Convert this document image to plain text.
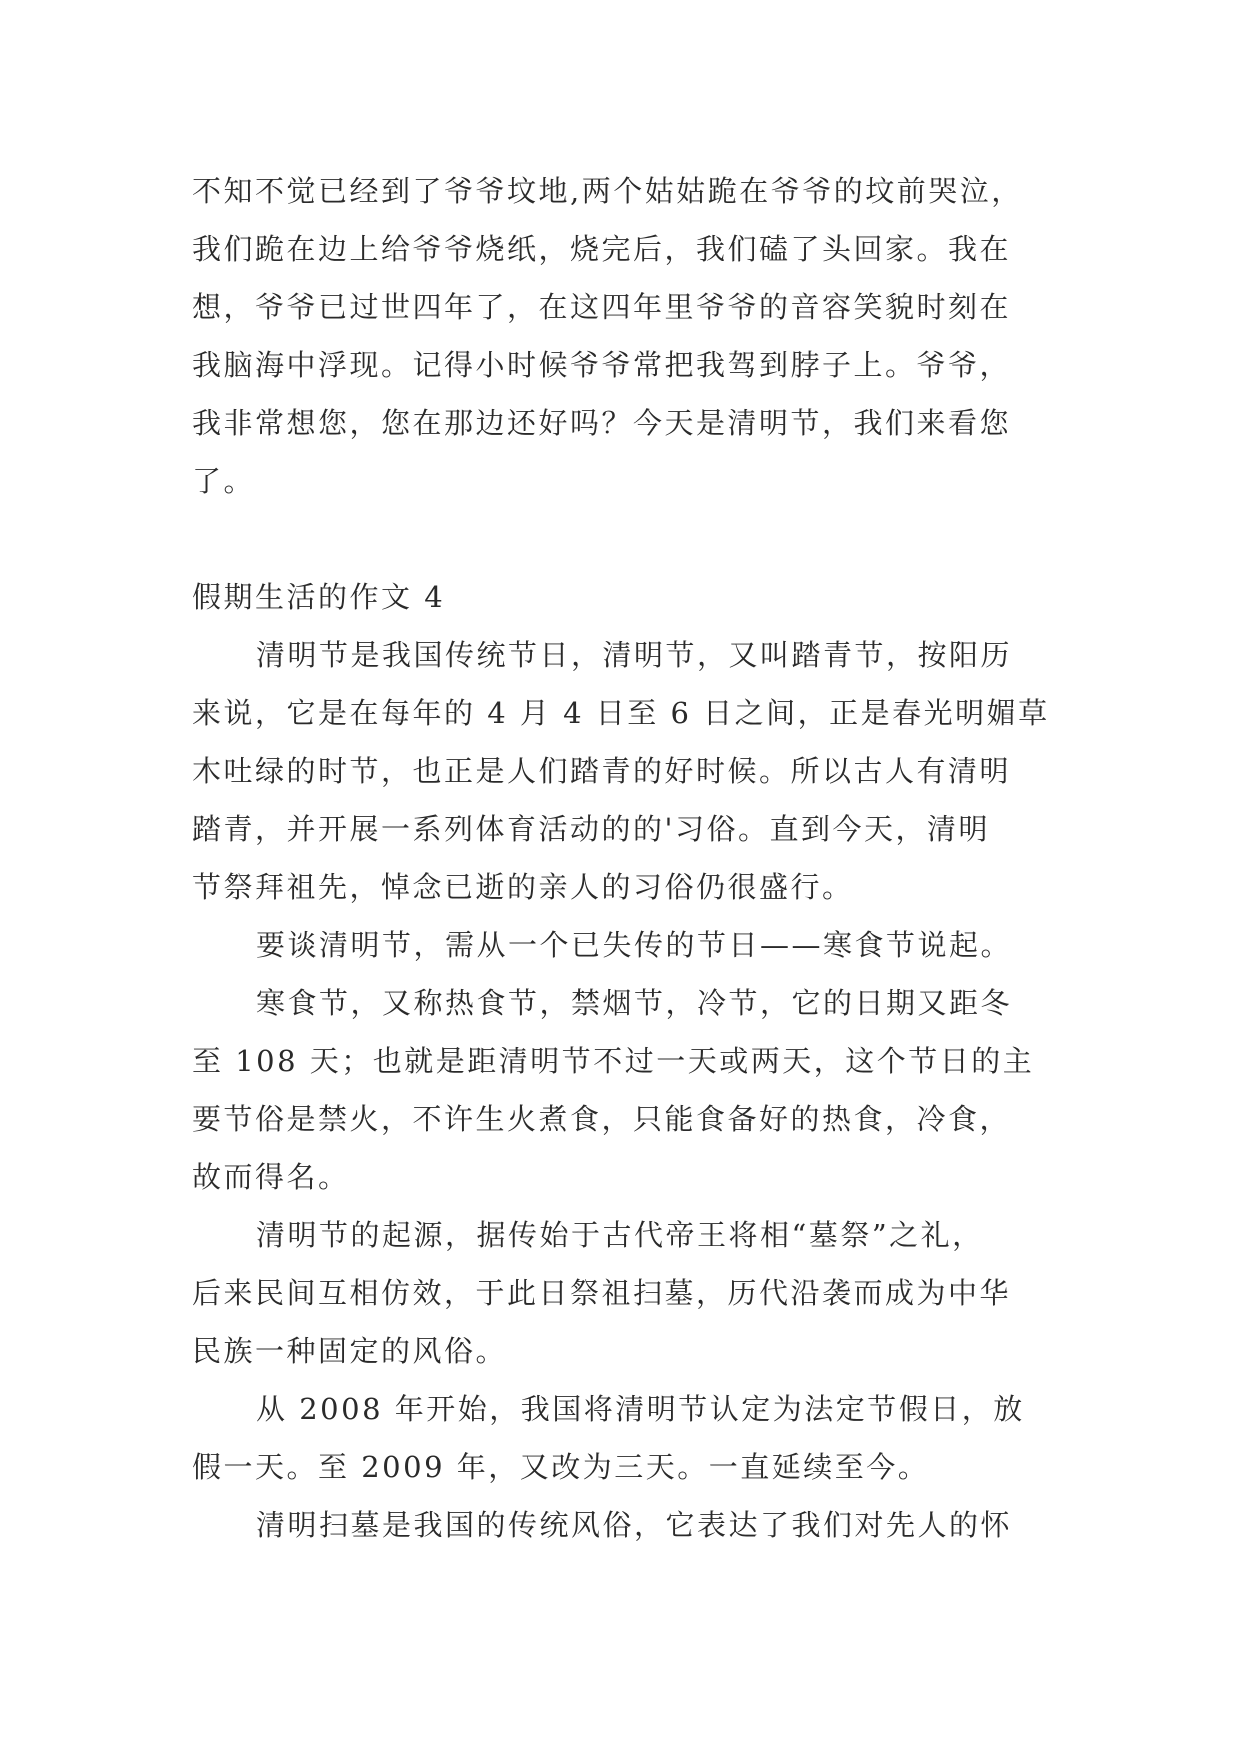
不知不觉已经到了爷爷坟地,两个姑姑跪在爷爷的坟前哭泣，
我们跪在边上给爷爷烧纸，烧完后，我们磕了头回家。我在
想，爷爷已过世四年了，在这四年里爷爷的音容笑貌时刻在
我脑海中浮现。记得小时候爷爷常把我驾到脖子上。爷爷，
我非常想您，您在那边还好吗？今天是清明节，我们来看您
了。
假期生活的作文 4
清明节是我国传统节日，清明节，又叫踏青节，按阳历
来说，它是在每年的 4 月 4 日至 6 日之间，正是春光明媚草
木吐绿的时节，也正是人们踏青的好时候。所以古人有清明
踏青，并开展一系列体育活动的的'习俗。直到今天，清明
节祭拜祖先，悼念已逝的亲人的习俗仍很盛行。
要谈清明节，需从一个已失传的节日——寒食节说起。
寒食节，又称热食节，禁烟节，冷节，它的日期又距冬
至 108 天；也就是距清明节不过一天或两天，这个节日的主
要节俗是禁火，不许生火煮食，只能食备好的热食，冷食，
故而得名。
清明节的起源，据传始于古代帝王将相“墓祭”之礼，
后来民间互相仿效，于此日祭祖扫墓，历代沿袭而成为中华
民族一种固定的风俗。
从 2008 年开始，我国将清明节认定为法定节假日，放
假一天。至 2009 年，又改为三天。一直延续至今。
清明扫墓是我国的传统风俗，它表达了我们对先人的怀
